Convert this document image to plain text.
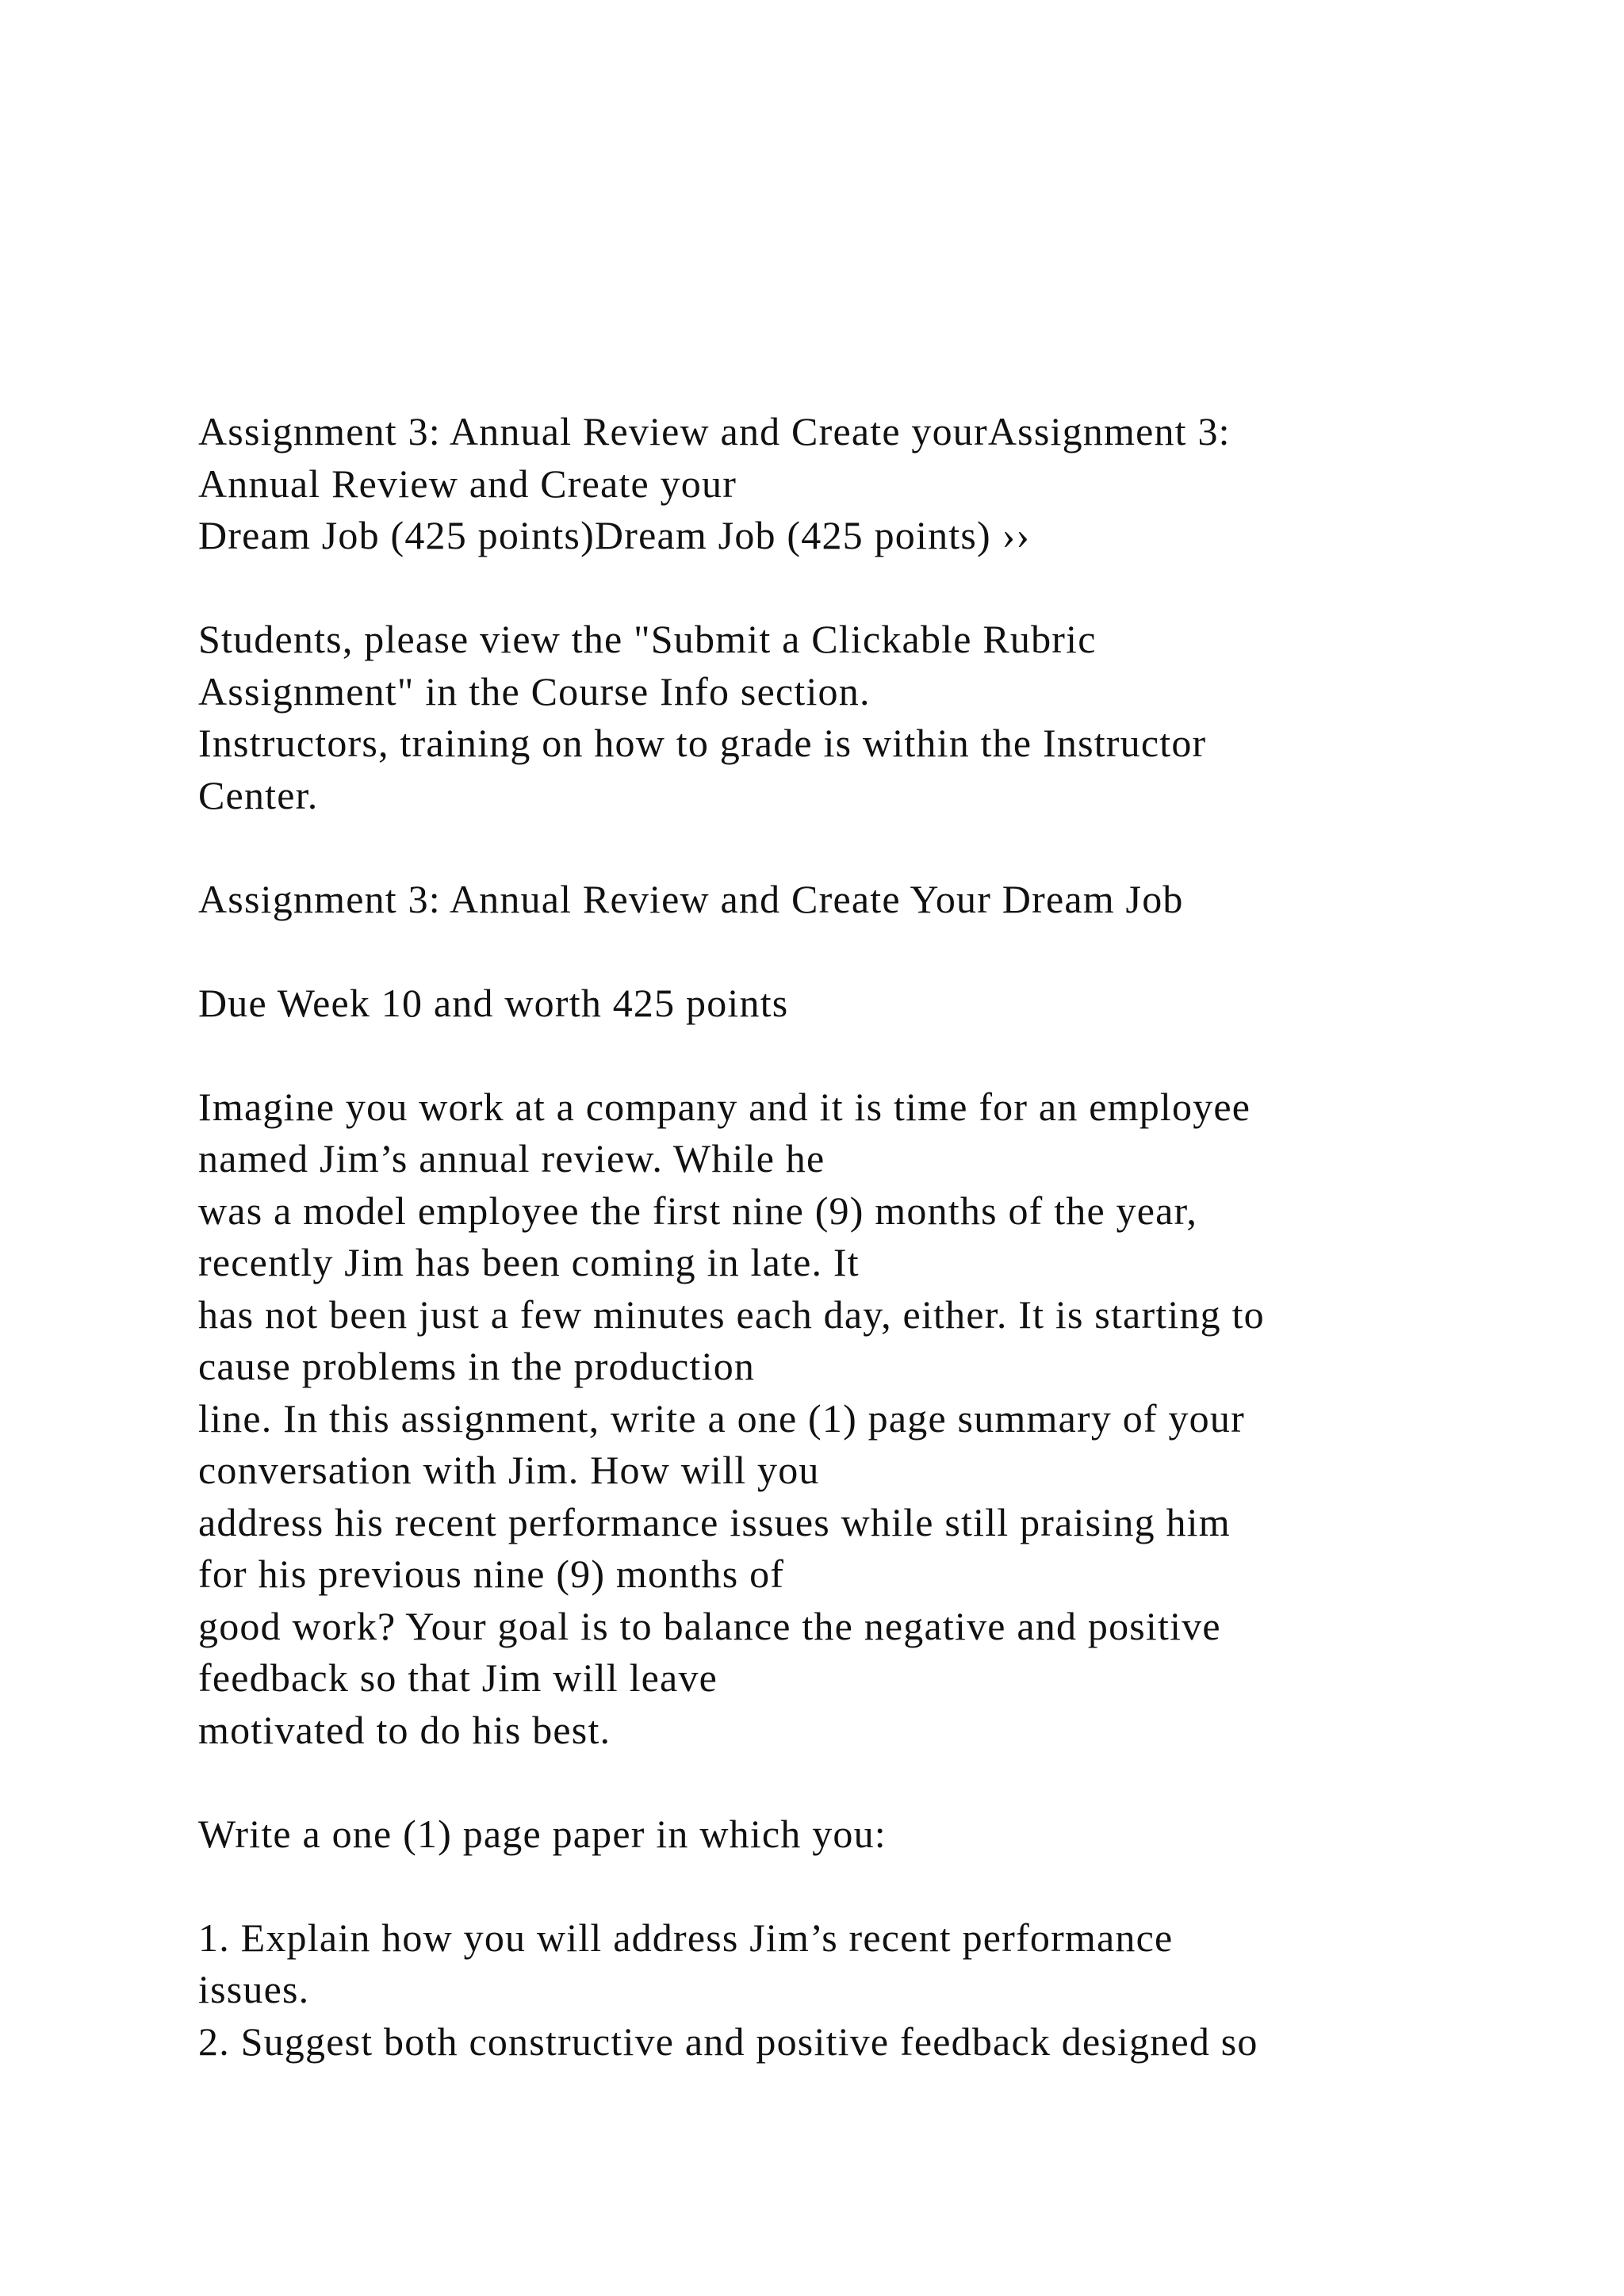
Assignment 3: Annual Review and Create yourAssignment 3:
Annual Review and Create your
Dream Job (425 points)Dream Job (425 points) ››
Students, please view the "Submit a Clickable Rubric
Assignment" in the Course Info section.
Instructors, training on how to grade is within the Instructor
Center.
Assignment 3: Annual Review and Create Your Dream Job
Due Week 10 and worth 425 points
Imagine you work at a company and it is time for an employee
named Jim’s annual review. While he
was a model employee the first nine (9) months of the year,
recently Jim has been coming in late. It
has not been just a few minutes each day, either. It is starting to
cause problems in the production
line. In this assignment, write a one (1) page summary of your
conversation with Jim. How will you
address his recent performance issues while still praising him
for his previous nine (9) months of
good work? Your goal is to balance the negative and positive
feedback so that Jim will leave
motivated to do his best.
Write a one (1) page paper in which you:
1. Explain how you will address Jim’s recent performance
issues.
2. Suggest both constructive and positive feedback designed so
